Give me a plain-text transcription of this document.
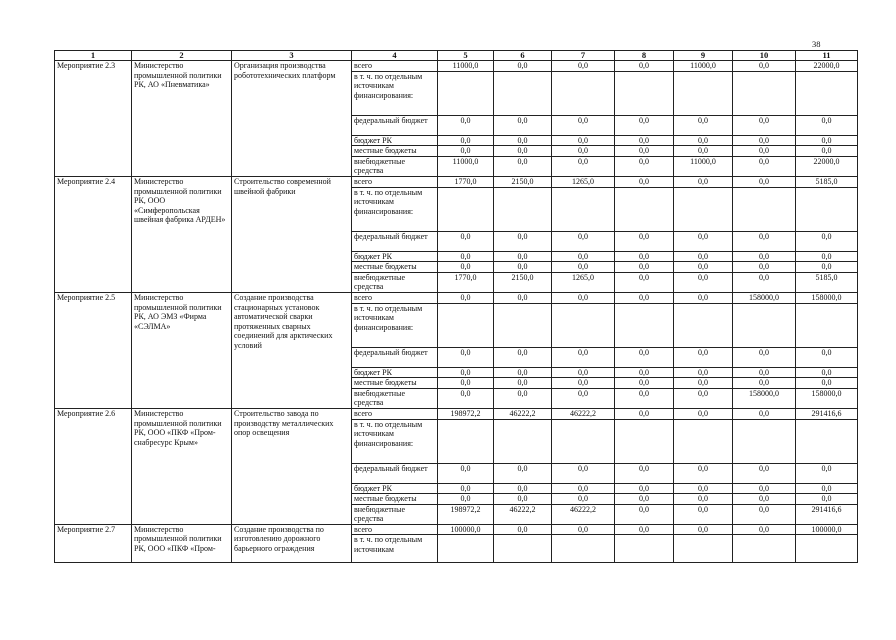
38
1	2	3	4	5	6	7	8	9	10	11
Мероприятие 2.3	Министерство промышленной политики РК, АО «Пневматика»	Организация производства робототехнических платформ	всего	11000,0	0,0	0,0	0,0	11000,0	0,0	22000,0
			в т. ч. по отдельным источникам финансирования:							
			федеральный бюджет	0,0	0,0	0,0	0,0	0,0	0,0	0,0
			бюджет РК	0,0	0,0	0,0	0,0	0,0	0,0	0,0
			местные бюджеты	0,0	0,0	0,0	0,0	0,0	0,0	0,0
			внебюджетные средства	11000,0	0,0	0,0	0,0	11000,0	0,0	22000,0
Мероприятие 2.4	Министерство промышленной политики РК, ООО «Симферопольская швейная фабрика АРДЕН»	Строительство современной швейной фабрики	всего	1770,0	2150,0	1265,0	0,0	0,0	0,0	5185,0
			в т. ч. по отдельным источникам финансирования:							
			федеральный бюджет	0,0	0,0	0,0	0,0	0,0	0,0	0,0
			бюджет РК	0,0	0,0	0,0	0,0	0,0	0,0	0,0
			местные бюджеты	0,0	0,0	0,0	0,0	0,0	0,0	0,0
			внебюджетные средства	1770,0	2150,0	1265,0	0,0	0,0	0,0	5185,0
Мероприятие 2.5	Министерство промышленной политики РК, АО ЭМЗ «Фирма «СЭЛМА»	Создание производства стационарных установок автоматической сварки протяженных сварных соединений для арктических условий	всего	0,0	0,0	0,0	0,0	0,0	158000,0	158000,0
			в т. ч. по отдельным источникам финансирования:							
			федеральный бюджет	0,0	0,0	0,0	0,0	0,0	0,0	0,0
			бюджет РК	0,0	0,0	0,0	0,0	0,0	0,0	0,0
			местные бюджеты	0,0	0,0	0,0	0,0	0,0	0,0	0,0
			внебюджетные средства	0,0	0,0	0,0	0,0	0,0	158000,0	158000,0
Мероприятие 2.6	Министерство промышленной политики РК, ООО «ПКФ «Пром-снабресурс Крым»	Строительство завода по производству металлических опор освещения	всего	198972,2	46222,2	46222,2	0,0	0,0	0,0	291416,6
			в т. ч. по отдельным источникам финансирования:							
			федеральный бюджет	0,0	0,0	0,0	0,0	0,0	0,0	0,0
			бюджет РК	0,0	0,0	0,0	0,0	0,0	0,0	0,0
			местные бюджеты	0,0	0,0	0,0	0,0	0,0	0,0	0,0
			внебюджетные средства	198972,2	46222,2	46222,2	0,0	0,0	0,0	291416,6
Мероприятие 2.7	Министерство промышленной политики РК, ООО «ПКФ «Пром-	Создание производства по изготовлению дорожного барьерного ограждения	всего	100000,0	0,0	0,0	0,0	0,0	0,0	100000,0
			в т. ч. по отдельным источникам							
